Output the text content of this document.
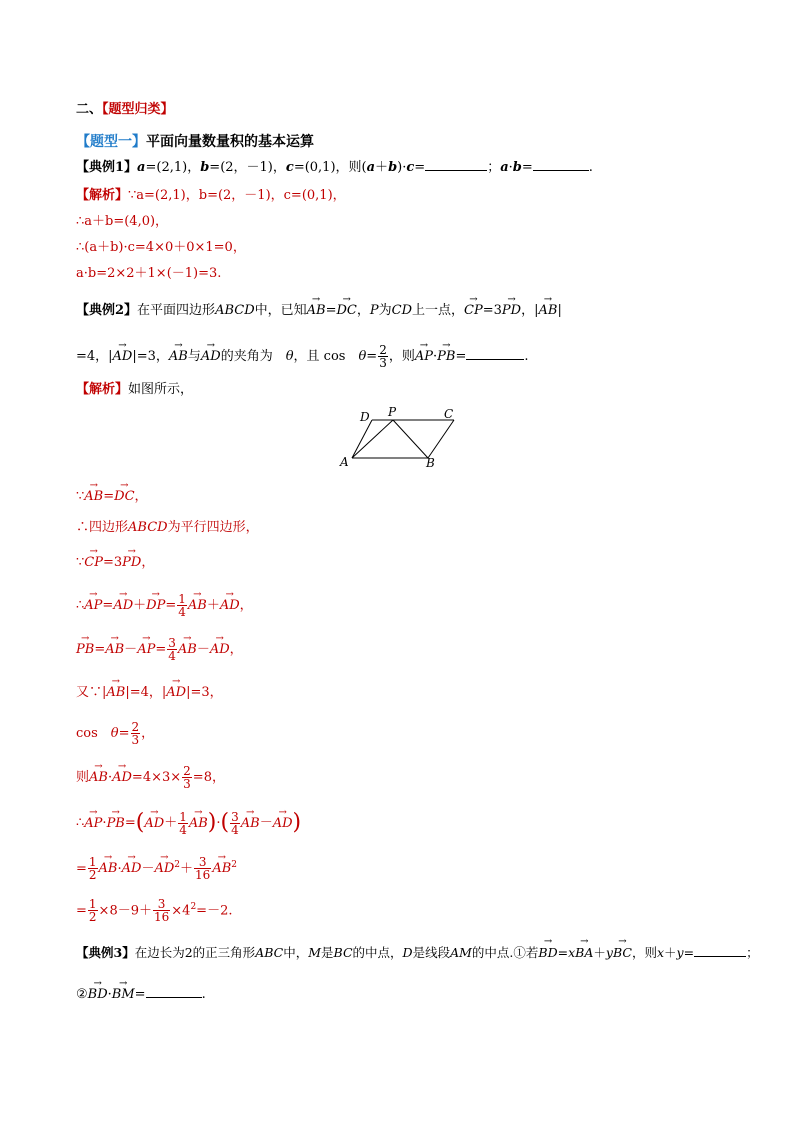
二、【题型归类】
【题型一】平面向量数量积的基本运算
【典例1】a=(2,1)，b=(2，－1)，c=(0,1)，则(a＋b)·c=	；a·b=	.
【解析】∵a=(2,1)，b=(2，－1)，c=(0,1)，
∴a＋b=(4,0)，
∴(a＋b)·c=4×0＋0×1=0，
a·b=2×2＋1×(－1)=3.
【典例2】在平面四边形ABCD中，已知→ AB=→ DC，P为CD上一点，→ CP=3→ PD，|→ AB|
=4，|→ AD|=3，→ AB与→ AD的夹角为  θ，且 cos  $\theta= \frac{2}{3}$ ，则→ AP·→ PB=	.
【解析】如图所示，
D P	C
A	B
∵→ AB=→ DC，
∴四边形ABCD为平行四边形，
∵→ CP=3→ PD，
∴→ $AP=\to AD+\to DP= \frac{1}{4}$
→ AB＋→ AD，
→ $PB=\to AB-\to AP= \frac{3}{4}$
→ AB－→ AD，
又∵|→ AB|=4，|→ AD|=3，
cos  $\theta= \frac{2}{3}$ ，
则→ $AB\cdot\to AD=4\times 3\times \frac{2}{3} =8$，
∴→ $AP\cdot\to PB=(\to AD+ \frac{1}{4}$
→ $AB)\cdot( \frac{3}{4}$
→ AB－→ AD)
= $\frac{1}{2}$
→ $AB\cdot\to AD-\to AD^2+ \frac{3}{16}$
→ $AB^2$
= $\frac{1}{2} \times 8-9+ \frac{3}{16} \times 4^2=-2$.
【典例3】在边长为2的正三角形ABC中，M是BC的中点，D是线段AM的中点.①若→ BD=x→ BA＋y→ BC，则x＋y=	；
②→ BD·→ BM=	.
